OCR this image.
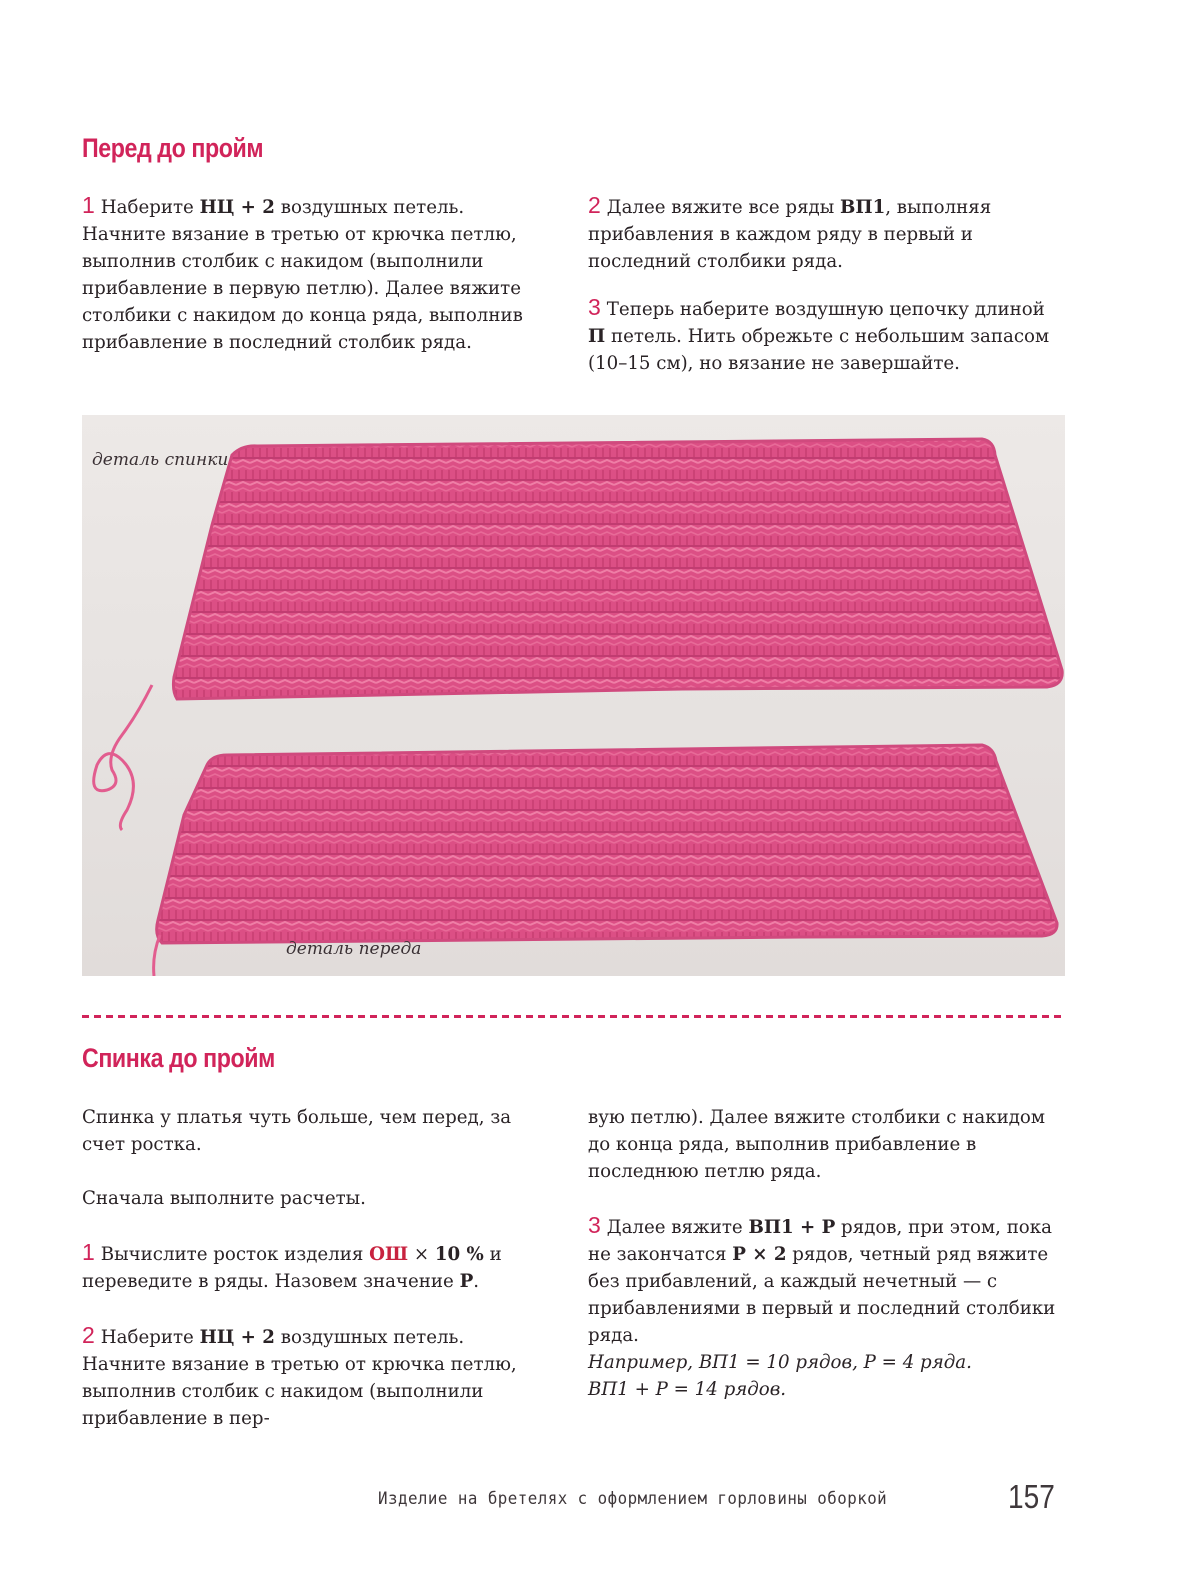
Перед до пройм

1 Наберите НЦ + 2 воздушных петель. Начните вязание в третью от крючка петлю, выполнив столбик с накидом (выполнили прибавление в первую петлю). Далее вяжите столбики с накидом до конца ряда, выполнив прибавление в последний столбик ряда.

2 Далее вяжите все ряды ВП1, выполняя прибавления в каждом ряду в первый и последний столбики ряда.

3 Теперь наберите воздушную цепочку длиной П петель. Нить обрежьте с небольшим запасом (10–15 см), но вязание не завершайте.

деталь спинки
деталь переда
Спинка до пройм

Спинка у платья чуть больше, чем перед, за счет ростка.

Сначала выполните расчеты.

1 Вычислите росток изделия ОШ × 10 % и переведите в ряды. Назовем значение Р.

2 Наберите НЦ + 2 воздушных петель. Начните вязание в третью от крючка петлю, выполнив столбик с накидом (выполнили прибавление в пер-

вую петлю). Далее вяжите столбики с накидом до конца ряда, выполнив прибавление в последнюю петлю ряда.

3 Далее вяжите ВП1 + Р рядов, при этом, пока не закончатся Р × 2 рядов, четный ряд вяжите без прибавлений, а каждый нечетный — с прибавлениями в первый и последний столбики ряда.

Например, ВП1 = 10 рядов, Р = 4 ряда.

ВП1 + Р = 14 рядов.

Изделие на бретелях с оформлением горловины оборкой	157
